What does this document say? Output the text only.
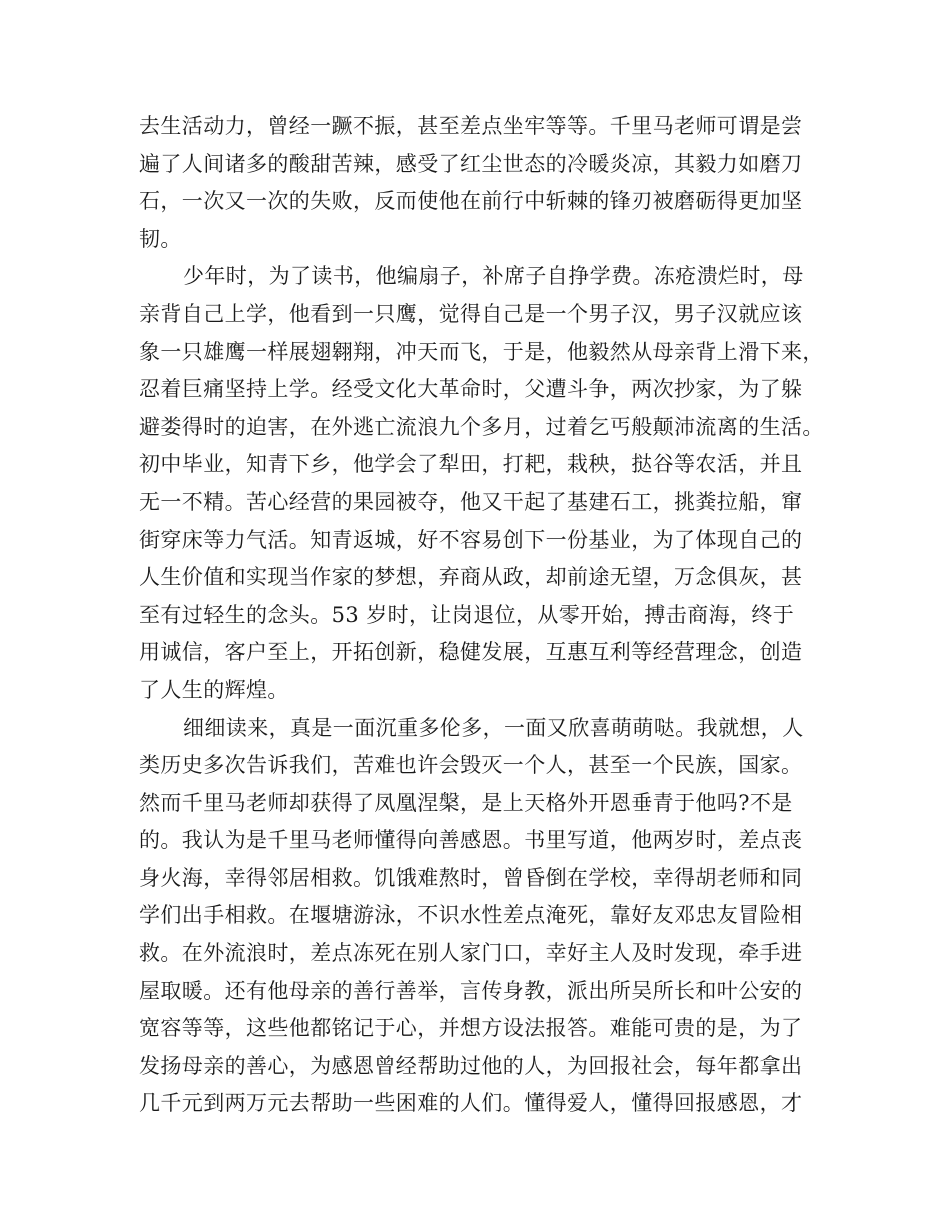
去生活动力，曾经一蹶不振，甚至差点坐牢等等。千里马老师可谓是尝
遍了人间诸多的酸甜苦辣，感受了红尘世态的冷暖炎凉，其毅力如磨刀
石，一次又一次的失败，反而使他在前行中斩棘的锋刃被磨砺得更加坚
韧。
少年时，为了读书，他编扇子，补席子自挣学费。冻疮溃烂时，母
亲背自己上学，他看到一只鹰，觉得自己是一个男子汉，男子汉就应该
象一只雄鹰一样展翅翱翔，冲天而飞，于是，他毅然从母亲背上滑下来，
忍着巨痛坚持上学。经受文化大革命时，父遭斗争，两次抄家，为了躲
避娄得时的迫害，在外逃亡流浪九个多月，过着乞丐般颠沛流离的生活。
初中毕业，知青下乡，他学会了犁田，打耙，栽秧，挞谷等农活，并且
无一不精。苦心经营的果园被夺，他又干起了基建石工，挑粪拉船，窜
街穿床等力气活。知青返城，好不容易创下一份基业，为了体现自己的
人生价值和实现当作家的梦想，弃商从政，却前途无望，万念俱灰，甚
至有过轻生的念头。53 岁时，让岗退位，从零开始，搏击商海，终于
用诚信，客户至上，开拓创新，稳健发展，互惠互利等经营理念，创造
了人生的辉煌。
细细读来，真是一面沉重多伦多，一面又欣喜萌萌哒。我就想，人
类历史多次告诉我们，苦难也许会毁灭一个人，甚至一个民族，国家。
然而千里马老师却获得了凤凰涅槃，是上天格外开恩垂青于他吗?不是
的。我认为是千里马老师懂得向善感恩。书里写道，他两岁时，差点丧
身火海，幸得邻居相救。饥饿难熬时，曾昏倒在学校，幸得胡老师和同
学们出手相救。在堰塘游泳，不识水性差点淹死，靠好友邓忠友冒险相
救。在外流浪时，差点冻死在别人家门口，幸好主人及时发现，牵手进
屋取暖。还有他母亲的善行善举，言传身教，派出所吴所长和叶公安的
宽容等等，这些他都铭记于心，并想方设法报答。难能可贵的是，为了
发扬母亲的善心，为感恩曾经帮助过他的人，为回报社会，每年都拿出
几千元到两万元去帮助一些困难的人们。懂得爱人，懂得回报感恩，才
